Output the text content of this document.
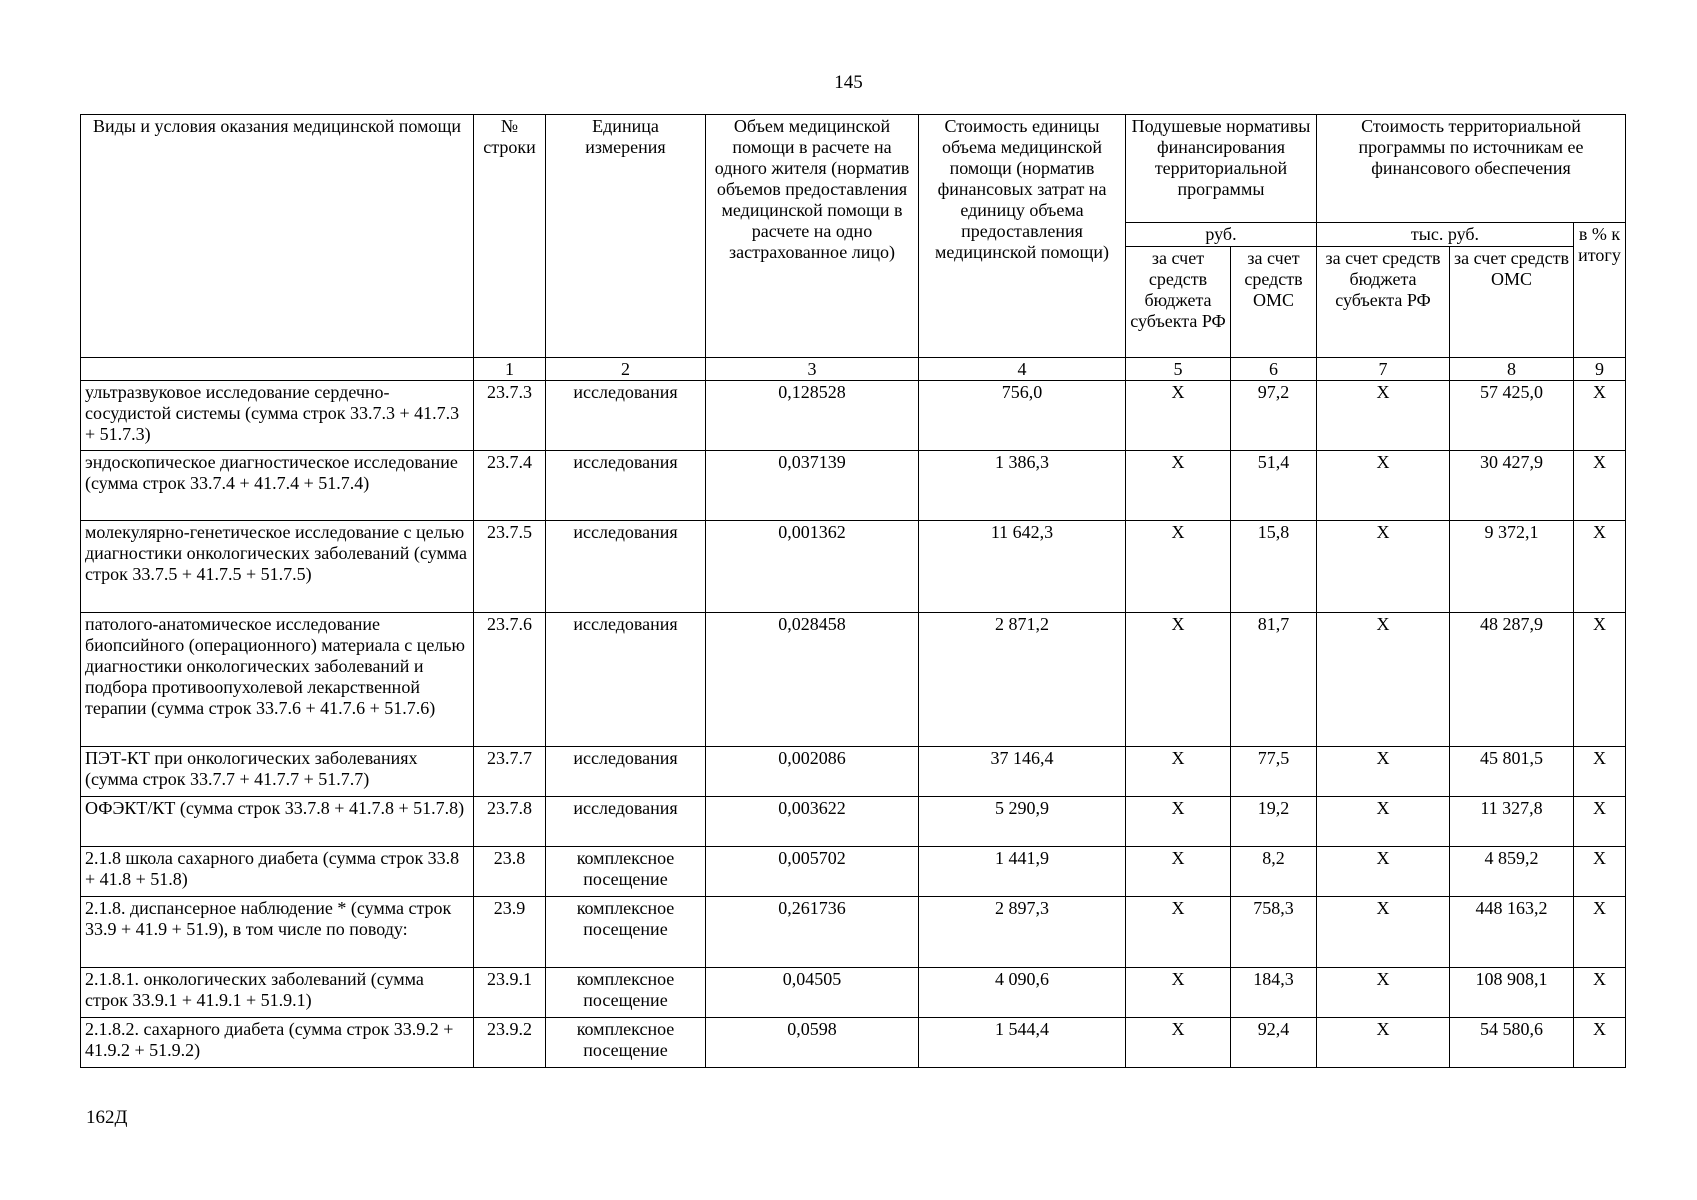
145
Виды и условия оказания медицинской помощи	№ строки	Единица измерения	Объем медицинской помощи в расчете на одного жителя (норматив объемов предоставления медицинской помощи в расчете на одно застрахованное лицо)	Стоимость единицы объема медицинской помощи (норматив финансовых затрат на единицу объема предоставления медицинской помощи)	Подушевые нормативы финансирования территориальной программы		Стоимость территориальной программы по источникам ее финансового обеспечения		
					руб.		тыс. руб.		в % к итогу
					за счет средств бюджета субъекта РФ	за счет средств ОМС	за счет средств бюджета субъекта РФ	за счет средств ОМС	
	1	2	3	4	5	6	7	8	9
ультразвуковое исследование сердечно-сосудистой системы (сумма строк 33.7.3 + 41.7.3 + 51.7.3)	23.7.3	исследования	0,128528	756,0	Х	97,2	Х	57 425,0	Х
эндоскопическое диагностическое исследование (сумма строк 33.7.4 + 41.7.4 + 51.7.4)	23.7.4	исследования	0,037139	1 386,3	Х	51,4	Х	30 427,9	Х
молекулярно-генетическое исследование с целью диагностики онкологических заболеваний (сумма строк 33.7.5 + 41.7.5 + 51.7.5)	23.7.5	исследования	0,001362	11 642,3	Х	15,8	Х	9 372,1	Х
патолого-анатомическое исследование биопсийного (операционного) материала с целью диагностики онкологических заболеваний и подбора противоопухолевой лекарственной терапии (сумма строк 33.7.6 + 41.7.6 + 51.7.6)	23.7.6	исследования	0,028458	2 871,2	Х	81,7	Х	48 287,9	Х
ПЭТ-КТ при онкологических заболеваниях (сумма строк 33.7.7 + 41.7.7 + 51.7.7)	23.7.7	исследования	0,002086	37 146,4	Х	77,5	Х	45 801,5	Х
ОФЭКТ/КТ (сумма строк 33.7.8 + 41.7.8 + 51.7.8)	23.7.8	исследования	0,003622	5 290,9	Х	19,2	Х	11 327,8	Х
2.1.8 школа сахарного диабета (сумма строк 33.8 + 41.8 + 51.8)	23.8	комплексное посещение	0,005702	1 441,9	Х	8,2	Х	4 859,2	Х
2.1.8. диспансерное наблюдение * (сумма строк 33.9 + 41.9 + 51.9), в том числе по поводу:	23.9	комплексное посещение	0,261736	2 897,3	Х	758,3	Х	448 163,2	Х
2.1.8.1. онкологических заболеваний (сумма строк 33.9.1 + 41.9.1 + 51.9.1)	23.9.1	комплексное посещение	0,04505	4 090,6	Х	184,3	Х	108 908,1	Х
2.1.8.2. сахарного диабета (сумма строк 33.9.2 + 41.9.2 + 51.9.2)	23.9.2	комплексное посещение	0,0598	1 544,4	Х	92,4	Х	54 580,6	Х
162Д
